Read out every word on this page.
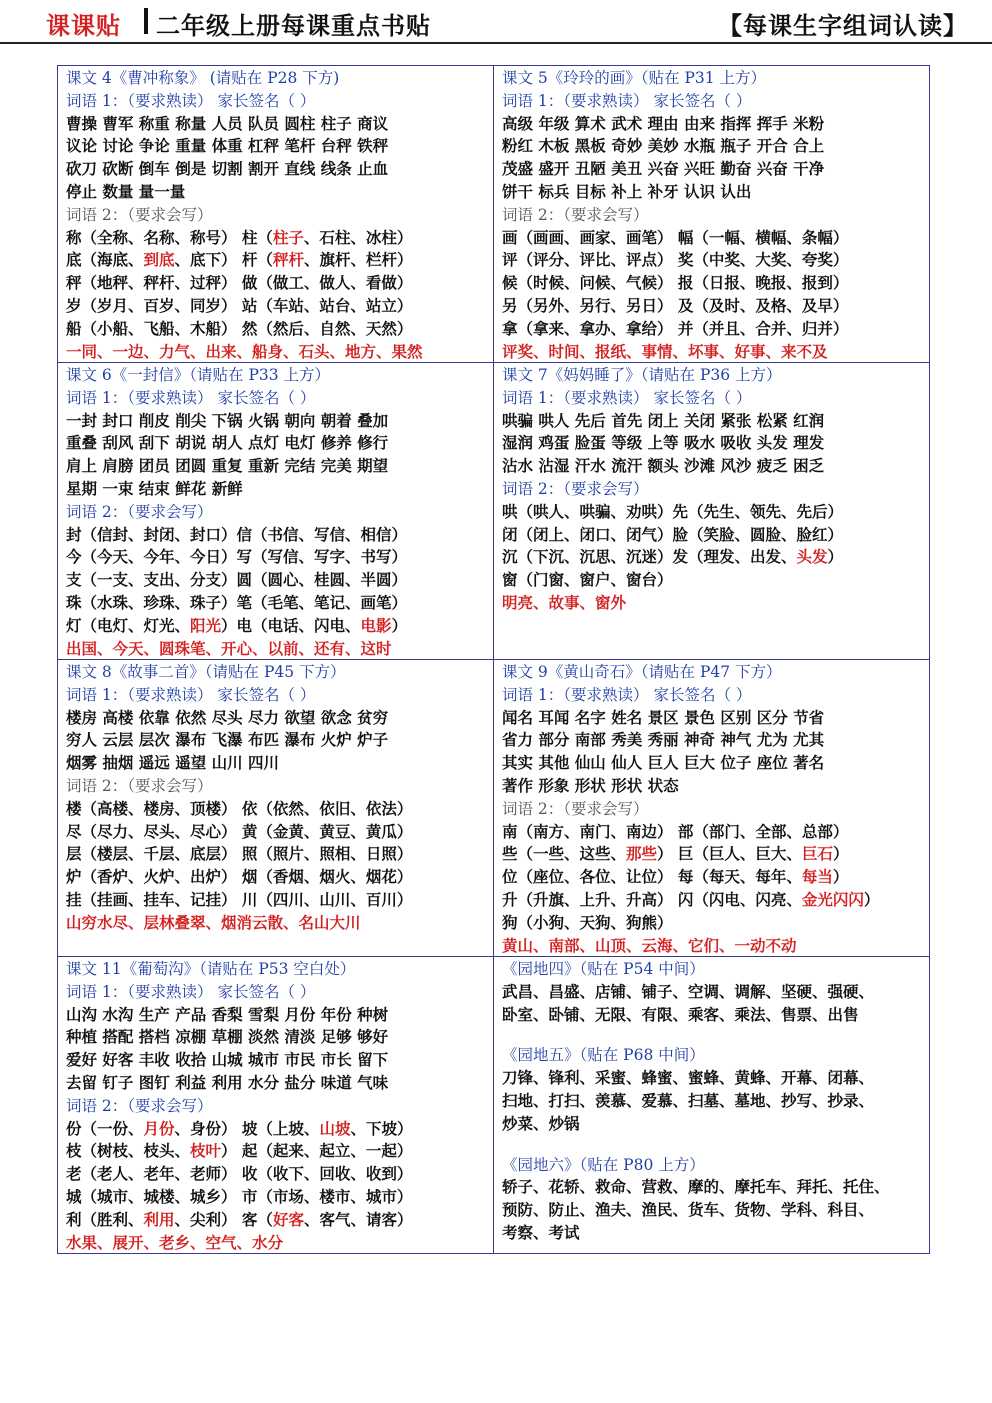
课课贴 二年级上册每课重点书贴	【每课生字组词认读】
课文 4《曹冲称象》 (请贴在 P28 下方)
词语 1：（要求熟读） 家长签名（ ）
曹操 曹军 称重 称量 人员 队员 圆柱 柱子 商议
议论 讨论 争论 重量 体重 杠秤 笔杆 台秤 铁秤
砍刀 砍断 倒车 倒是 切割 割开 直线 线条 止血
停止 数量 量一量
词语 2：（要求会写）
称（全称、名称、称号） 柱（柱子、石柱、冰柱）
底（海底、到底、底下） 杆（秤杆、旗杆、栏杆）
秤（地秤、秤杆、过秤） 做（做工、做人、看做）
岁（岁月、百岁、同岁） 站（车站、站台、站立）
船（小船、飞船、木船） 然（然后、自然、天然）
一同、一边、力气、出来、船身、石头、地方、果然
课文 5《玲玲的画》（贴在 P31 上方）
词语 1：（要求熟读） 家长签名（ ）
高级 年级 算术 武术 理由 由来 指挥 挥手 米粉
粉红 木板 黑板 奇妙 美妙 水瓶 瓶子 开合 合上
茂盛 盛开 丑陋 美丑 兴奋 兴旺 勤奋 兴奋 干净
饼干 标兵 目标 补上 补牙 认识 认出
词语 2：（要求会写）
画（画画、画家、画笔） 幅（一幅、横幅、条幅）
评（评分、评比、评点） 奖（中奖、大奖、夸奖）
候（时候、问候、气候） 报（日报、晚报、报到）
另（另外、另行、另日） 及（及时、及格、及早）
拿（拿来、拿办、拿给） 并（并且、合并、归并）
评奖、时间、报纸、事情、坏事、好事、来不及
课文 6《一封信》（请贴在 P33 上方）
词语 1：（要求熟读） 家长签名（ ）
一封 封口 削皮 削尖 下锅 火锅 朝向 朝着 叠加
重叠 刮风 刮下 胡说 胡人 点灯 电灯 修养 修行
肩上 肩膀 团员 团圆 重复 重新 完结 完美 期望
星期 一束 结束 鲜花 新鲜
词语 2：（要求会写）
封（信封、封闭、封口）信（书信、写信、相信）
今（今天、今年、今日）写（写信、写字、书写）
支（一支、支出、分支）圆（圆心、桂圆、半圆）
珠（水珠、珍珠、珠子）笔（毛笔、笔记、画笔）
灯（电灯、灯光、阳光）电（电话、闪电、电影）
出国、今天、圆珠笔、开心、以前、还有、这时
课文 7《妈妈睡了》（请贴在 P36 上方）
词语 1：（要求熟读） 家长签名（ ）
哄骗 哄人 先后 首先 闭上 关闭 紧张 松紧 红润
湿润 鸡蛋 脸蛋 等级 上等 吸水 吸收 头发 理发
沾水 沾湿 汗水 流汗 额头 沙滩 风沙 疲乏 困乏
词语 2：（要求会写）
哄（哄人、哄骗、劝哄）先（先生、领先、先后）
闭（闭上、闭口、闭气）脸（笑脸、圆脸、脸红）
沉（下沉、沉思、沉迷）发（理发、出发、头发）
窗（门窗、窗户、窗台）
明亮、故事、窗外
课文 8《故事二首》（请贴在 P45 下方）
词语 1：（要求熟读） 家长签名（ ）
楼房 高楼 依靠 依然 尽头 尽力 欲望 欲念 贫穷
穷人 云层 层次 瀑布 飞瀑 布匹 瀑布 火炉 炉子
烟雾 抽烟 遥远 遥望 山川 四川
词语 2：（要求会写）
楼（高楼、楼房、顶楼） 依（依然、依旧、依法）
尽（尽力、尽头、尽心） 黄（金黄、黄豆、黄瓜）
层（楼层、千层、底层） 照（照片、照相、日照）
炉（香炉、火炉、出炉） 烟（香烟、烟火、烟花）
挂（挂画、挂车、记挂） 川（四川、山川、百川）
山穷水尽、层林叠翠、烟消云散、名山大川
课文 9《黄山奇石》（请贴在 P47 下方）
词语 1：（要求熟读） 家长签名（ ）
闻名 耳闻 名字 姓名 景区 景色 区别 区分 节省
省力 部分 南部 秀美 秀丽 神奇 神气 尤为 尤其
其实 其他 仙山 仙人 巨人 巨大 位子 座位 著名
著作 形象 形状 形状 状态
词语 2：（要求会写）
南（南方、南门、南边） 部（部门、全部、总部）
些（一些、这些、那些） 巨（巨人、巨大、巨石）
位（座位、各位、让位） 每（每天、每年、每当）
升（升旗、上升、升高） 闪（闪电、闪亮、金光闪闪）
狗（小狗、天狗、狗熊）
黄山、南部、山顶、云海、它们、一动不动
课文 11《葡萄沟》（请贴在 P53 空白处）
词语 1：（要求熟读） 家长签名（ ）
山沟 水沟 生产 产品 香梨 雪梨 月份 年份 种树
种植 搭配 搭档 凉棚 草棚 淡然 清淡 足够 够好
爱好 好客 丰收 收拾 山城 城市 市民 市长 留下
去留 钉子 图钉 利益 利用 水分 盐分 味道 气味
词语 2：（要求会写）
份（一份、月份、身份） 坡（上坡、山坡、下坡）
枝（树枝、枝头、枝叶） 起（起来、起立、一起）
老（老人、老年、老师） 收（收下、回收、收到）
城（城市、城楼、城乡） 市（市场、楼市、城市）
利（胜利、利用、尖利） 客（好客、客气、请客）
水果、展开、老乡、空气、水分
《园地四》（贴在 P54 中间）
武昌、昌盛、店铺、铺子、空调、调解、坚硬、强硬、
卧室、卧铺、无限、有限、乘客、乘法、售票、出售
《园地五》（贴在 P68 中间）
刀锋、锋利、采蜜、蜂蜜、蜜蜂、黄蜂、开幕、闭幕、
扫地、打扫、羡慕、爱慕、扫墓、墓地、抄写、抄录、
炒菜、炒锅
《园地六》（贴在 P80 上方）
轿子、花轿、救命、营救、摩的、摩托车、拜托、托住、
预防、防止、渔夫、渔民、货车、货物、学科、科目、
考察、考试
